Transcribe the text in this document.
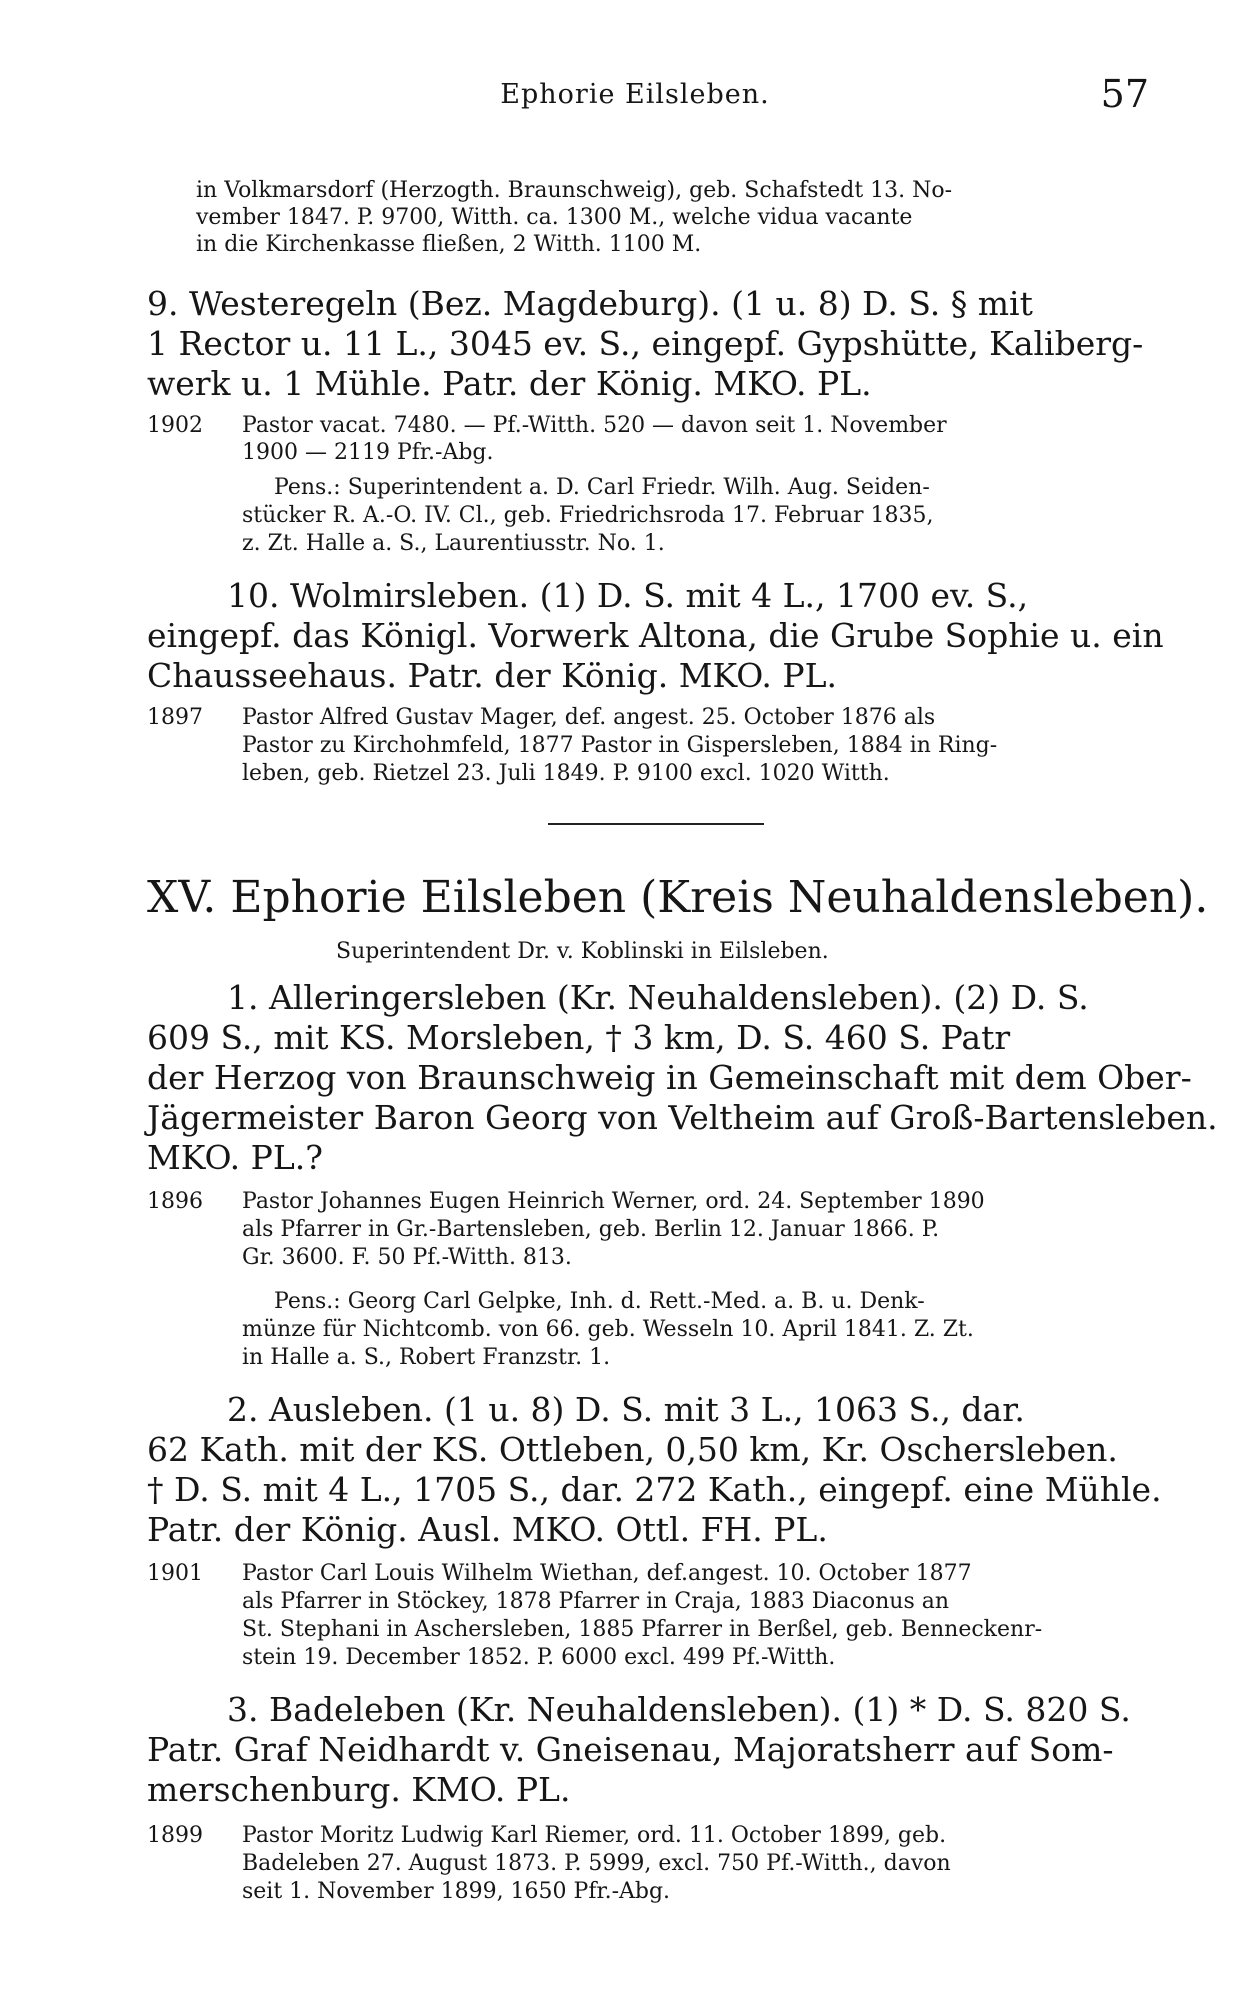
Ephorie Eilsleben.	57
in Volkmarsdorf (Herzogth. Braunschweig), geb. Schafstedt 13. No-
vember 1847. P. 9700, Witth. ca. 1300 M., welche vidua vacante
in die Kirchenkasse fließen, 2 Witth. 1100 M.
9. Westeregeln (Bez. Magdeburg). (1 u. 8) D. S. § mit
1 Rector u. 11 L., 3045 ev. S., eingepf. Gypshütte, Kaliberg-
werk u. 1 Mühle. Patr. der König. MKO. PL.
1902 Pastor vacat. 7480. — Pf.-Witth. 520 — davon seit 1. November
1900 — 2119 Pfr.-Abg.
Pens.: Superintendent a. D. Carl Friedr. Wilh. Aug. Seiden-
stücker R. A.-O. IV. Cl., geb. Friedrichsroda 17. Februar 1835,
z. Zt. Halle a. S., Laurentiusstr. No. 1.
10. Wolmirsleben. (1) D. S. mit 4 L., 1700 ev. S.,
eingepf. das Königl. Vorwerk Altona, die Grube Sophie u. ein
Chausseehaus. Patr. der König. MKO. PL.
1897 Pastor Alfred Gustav Mager, def. angest. 25. October 1876 als
Pastor zu Kirchohmfeld, 1877 Pastor in Gispersleben, 1884 in Ring-
leben, geb. Rietzel 23. Juli 1849. P. 9100 excl. 1020 Witth.
XV. Ephorie Eilsleben (Kreis Neuhaldensleben).
Superintendent Dr. v. Koblinski in Eilsleben.
1. Alleringersleben (Kr. Neuhaldensleben). (2) D. S.
609 S., mit KS. Morsleben, † 3 km, D. S. 460 S. Patr
der Herzog von Braunschweig in Gemeinschaft mit dem Ober-
Jägermeister Baron Georg von Veltheim auf Groß-Bartensleben.
MKO. PL.?
1896 Pastor Johannes Eugen Heinrich Werner, ord. 24. September 1890
als Pfarrer in Gr.-Bartensleben, geb. Berlin 12. Januar 1866. P.
Gr. 3600. F. 50 Pf.-Witth. 813.
Pens.: Georg Carl Gelpke, Inh. d. Rett.-Med. a. B. u. Denk-
münze für Nichtcomb. von 66. geb. Wesseln 10. April 1841. Z. Zt.
in Halle a. S., Robert Franzstr. 1.
2. Ausleben. (1 u. 8) D. S. mit 3 L., 1063 S., dar.
62 Kath. mit der KS. Ottleben, 0,50 km, Kr. Oschersleben.
† D. S. mit 4 L., 1705 S., dar. 272 Kath., eingepf. eine Mühle.
Patr. der König. Ausl. MKO. Ottl. FH. PL.
1901 Pastor Carl Louis Wilhelm Wiethan, def.angest. 10. October 1877
als Pfarrer in Stöckey, 1878 Pfarrer in Craja, 1883 Diaconus an
St. Stephani in Aschersleben, 1885 Pfarrer in Berßel, geb. Benneckenr-
stein 19. December 1852. P. 6000 excl. 499 Pf.-Witth.
3. Badeleben (Kr. Neuhaldensleben). (1) * D. S. 820 S.
Patr. Graf Neidhardt v. Gneisenau, Majoratsherr auf Som-
merschenburg. KMO. PL.
1899 Pastor Moritz Ludwig Karl Riemer, ord. 11. October 1899, geb.
Badeleben 27. August 1873. P. 5999, excl. 750 Pf.-Witth., davon
seit 1. November 1899, 1650 Pfr.-Abg.
